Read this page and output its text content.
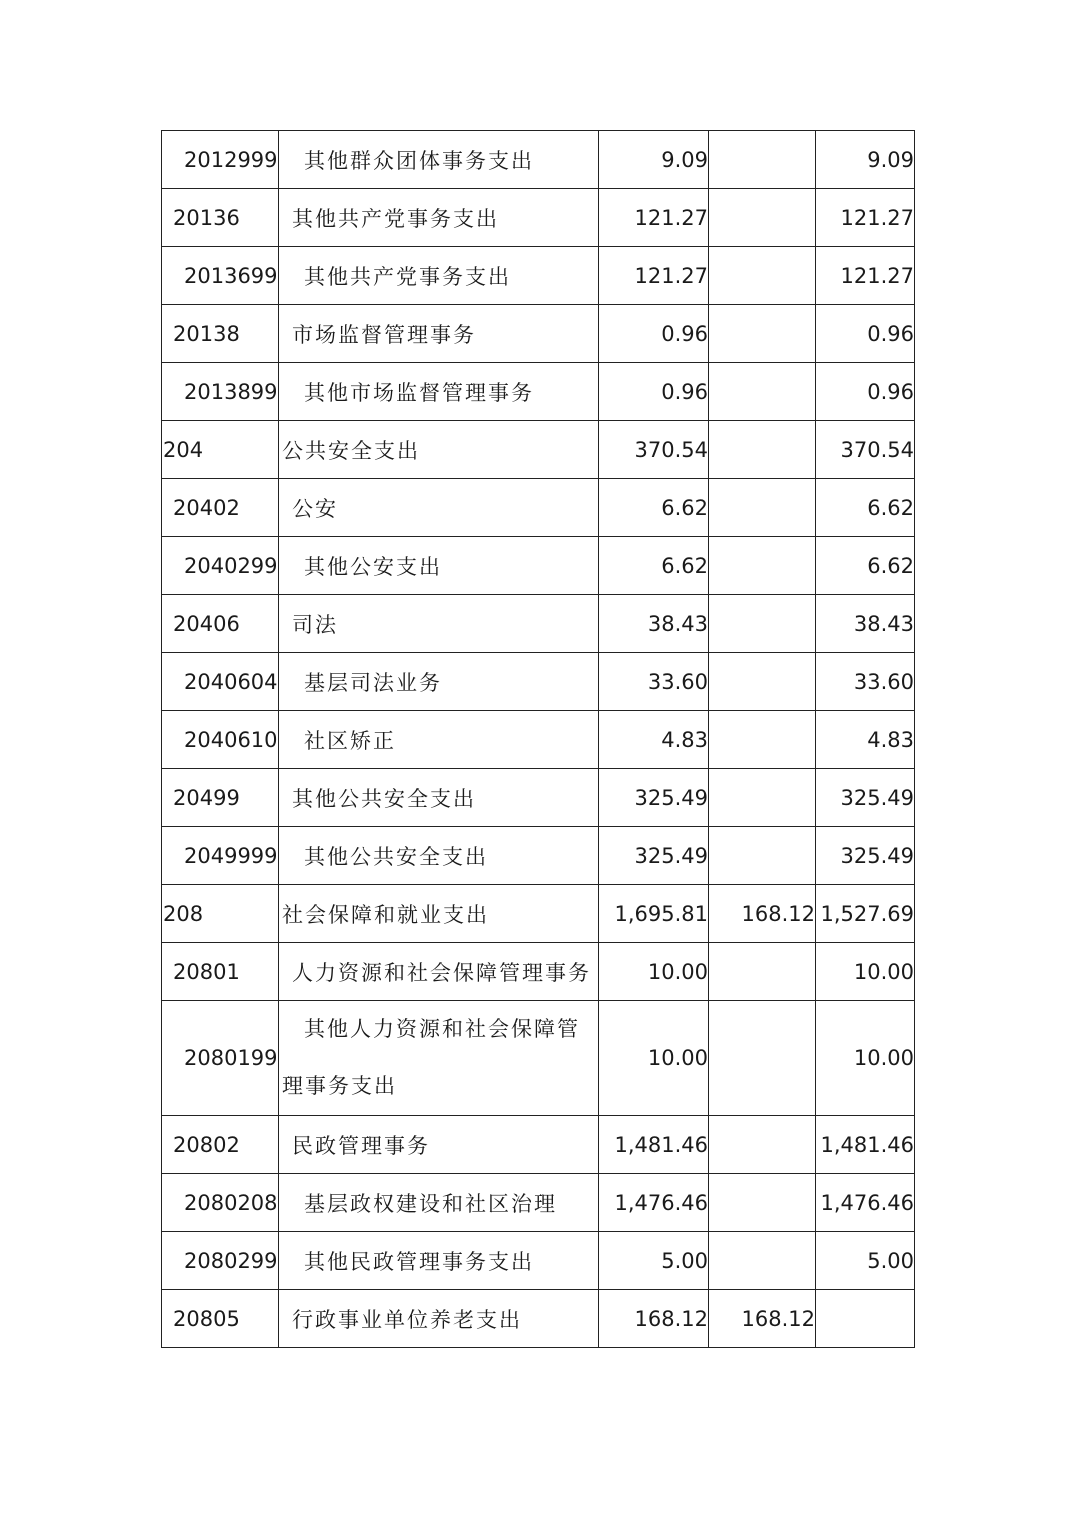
2012999	其他群众团体事务支出	9.09		9.09
20136	其他共产党事务支出	121.27		121.27
2013699	其他共产党事务支出	121.27		121.27
20138	市场监督管理事务	0.96		0.96
2013899	其他市场监督管理事务	0.96		0.96
204	公共安全支出	370.54		370.54
20402	公安	6.62		6.62
2040299	其他公安支出	6.62		6.62
20406	司法	38.43		38.43
2040604	基层司法业务	33.60		33.60
2040610	社区矫正	4.83		4.83
20499	其他公共安全支出	325.49		325.49
2049999	其他公共安全支出	325.49		325.49
208	社会保障和就业支出	1,695.81	168.12	1,527.69
20801	人力资源和社会保障管理事务	10.00		10.00
2080199	其他人力资源和社会保障管理事务支出	10.00		10.00
20802	民政管理事务	1,481.46		1,481.46
2080208	基层政权建设和社区治理	1,476.46		1,476.46
2080299	其他民政管理事务支出	5.00		5.00
20805	行政事业单位养老支出	168.12	168.12	
